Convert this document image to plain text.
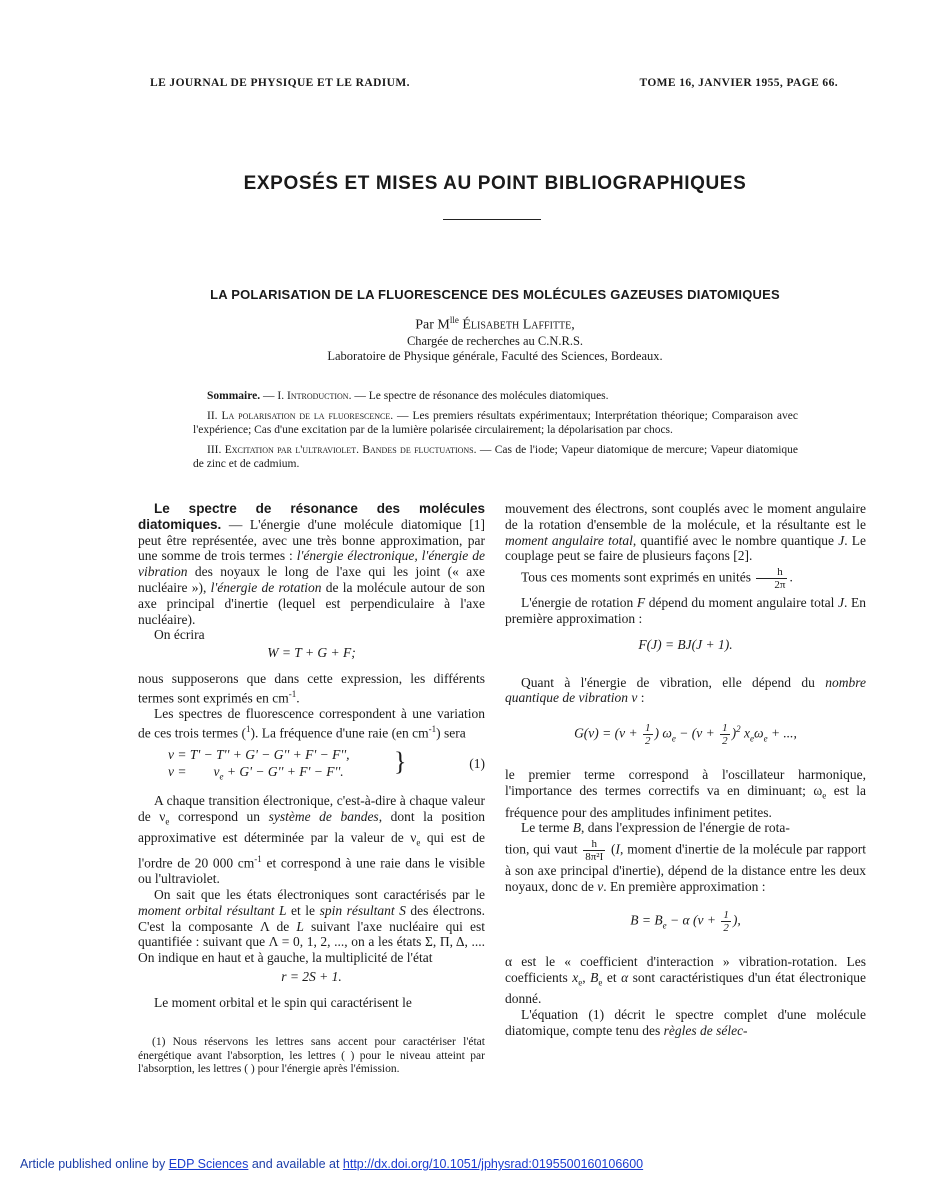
LE JOURNAL DE PHYSIQUE ET LE RADIUM.	TOME 16, JANVIER 1955, PAGE 66.
EXPOSÉS ET MISES AU POINT BIBLIOGRAPHIQUES
LA POLARISATION DE LA FLUORESCENCE DES MOLÉCULES GAZEUSES DIATOMIQUES
Par $M^{lle}$ Élisabeth Laffitte,
Chargée de recherches au C.N.R.S.
Laboratoire de Physique générale, Faculté des Sciences, Bordeaux.

Sommaire. — I. Introduction. — Le spectre de résonance des molécules diatomiques.

II. La polarisation de la fluorescence. — Les premiers résultats expérimentaux; Interprétation théorique; Comparaison avec l'expérience; Cas d'une excitation par de la lumière polarisée circulairement; la dépolarisation par chocs.

III. Excitation par l'ultraviolet. Bandes de fluctuations. — Cas de l'iode; Vapeur diatomique de mercure; Vapeur diatomique de zinc et de cadmium.

Le spectre de résonance des molécules diatomiques. — L'énergie d'une molécule diatomique [1] peut être représentée, avec une très bonne approximation, par une somme de trois termes : l'énergie électronique, l'énergie de vibration des noyaux le long de l'axe qui les joint (« axe nucléaire »), l'énergie de rotation de la molécule autour de son axe principal d'inertie (lequel est perpendiculaire à l'axe nucléaire).

On écrira

W = T + G + F;

nous supposerons que dans cette expression, les différents termes sont exprimés en $cm^{-1}$.

Les spectres de fluorescence correspondent à une variation de ces trois termes ($^1$). La fréquence d'une raie (en $cm^{-1}$) sera

ν = T' − T'' + G' − G'' + F' − F'',
ν =        $\nu_e + G' - G'' + F' - F''$. }	(1)

A chaque transition électronique, c'est-à-dire à chaque valeur de $\nu_e$ correspond un système de bandes, dont la position approximative est déterminée par la valeur de $\nu_e$ qui est de l'ordre de 20 000 $cm^{-1}$ et correspond à une raie dans le visible ou l'ultraviolet.

On sait que les états électroniques sont caractérisés par le moment orbital résultant L et le spin résultant S des électrons. C'est la composante Λ de L suivant l'axe nucléaire qui est quantifiée : suivant que Λ = 0, 1, 2, ..., on a les états Σ, Π, Δ, .... On indique en haut et à gauche, la multiplicité de l'état

r = 2S + 1.

Le moment orbital et le spin qui caractérisent le

(1) Nous réservons les lettres sans accent pour caractériser l'état énergétique avant l'absorption, les lettres ( ) pour le niveau atteint par l'absorption, les lettres ( ) pour l'énergie après l'émission.

mouvement des électrons, sont couplés avec le moment angulaire de la rotation d'ensemble de la molécule, et la résultante est le moment angulaire total, quantifié avec le nombre quantique J. Le couplage peut se faire de plusieurs façons [2].

Tous ces moments sont exprimés en unités $\frac{h}{2\pi}$ .

L'énergie de rotation F dépend du moment angulaire total J. En première approximation :

F(J) = BJ(J + 1).

Quant à l'énergie de vibration, elle dépend du nombre quantique de vibration v :

$G(v) = (v + \frac{1}{2}$ ) $\omega_e - (v + \frac{1}{2} )^2$ $x_e\omega_e$ + ...,

le premier terme correspond à l'oscillateur harmonique, l'importance des termes correctifs va en diminuant; $\omega_e$ est la fréquence pour des amplitudes infiniment petites.

Le terme B, dans l'expression de l'énergie de rota-

tion, qui vaut $\frac{h}{\text{8π²I}} (I$, moment d'inertie de la molécule par rapport à son axe principal d'inertie), dépend de la distance entre les deux noyaux, donc de v. En première approximation :

$B = B_e - \alpha$ ($v + \frac{1}{2}$ ),

α est le « coefficient d'interaction » vibration-rotation. Les coefficients $x_e$, $B_e$ et α sont caractéristiques d'un état électronique donné.

L'équation (1) décrit le spectre complet d'une molécule diatomique, compte tenu des règles de sélec-

Article published online by EDP Sciences and available at http://dx.doi.org/10.1051/jphysrad:0195500160106600
